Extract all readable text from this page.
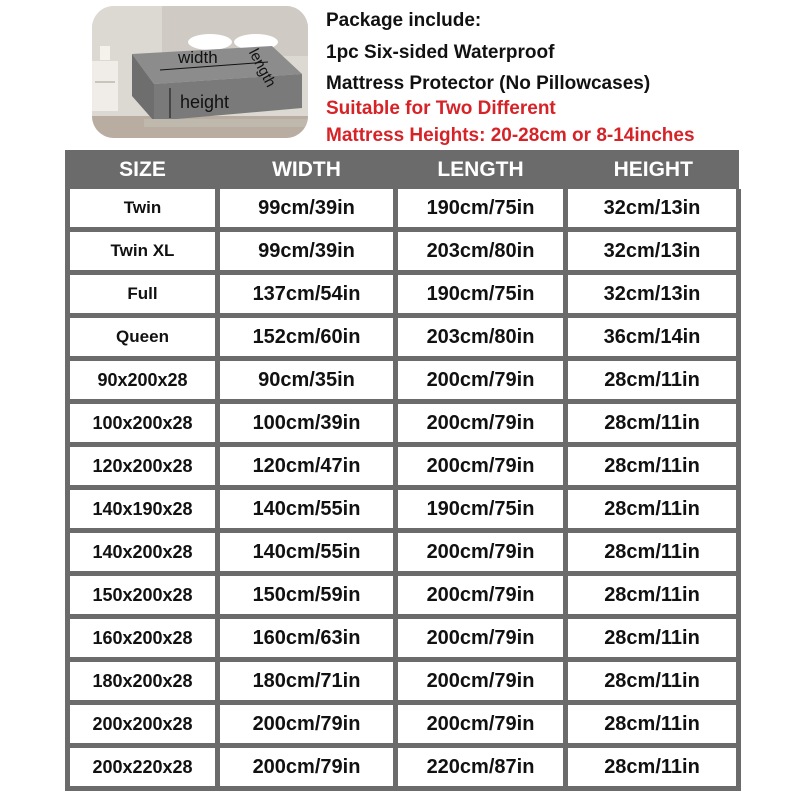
width
height
length
Package include:
1pc Six-sided Waterproof
Mattress Protector (No Pillowcases)
Suitable for Two Different
Mattress Heights: 20-28cm or 8-14inches
SIZE	WIDTH	LENGTH	HEIGHT
Twin	99cm/39in	190cm/75in	32cm/13in
Twin XL	99cm/39in	203cm/80in	32cm/13in
Full	137cm/54in	190cm/75in	32cm/13in
Queen	152cm/60in	203cm/80in	36cm/14in
90x200x28	90cm/35in	200cm/79in	28cm/11in
100x200x28	100cm/39in	200cm/79in	28cm/11in
120x200x28	120cm/47in	200cm/79in	28cm/11in
140x190x28	140cm/55in	190cm/75in	28cm/11in
140x200x28	140cm/55in	200cm/79in	28cm/11in
150x200x28	150cm/59in	200cm/79in	28cm/11in
160x200x28	160cm/63in	200cm/79in	28cm/11in
180x200x28	180cm/71in	200cm/79in	28cm/11in
200x200x28	200cm/79in	200cm/79in	28cm/11in
200x220x28	200cm/79in	220cm/87in	28cm/11in
